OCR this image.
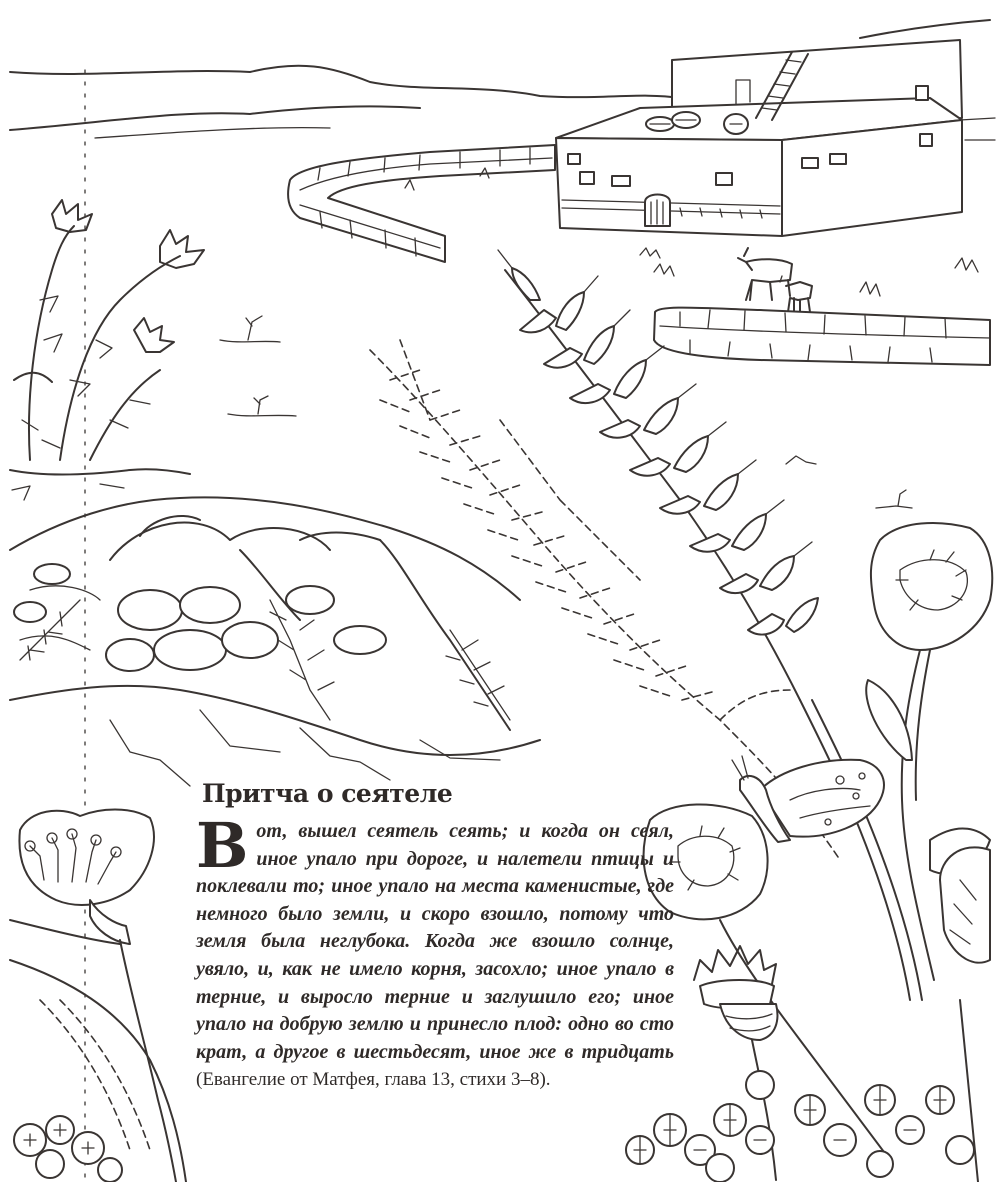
Притча о сеятеле

Вот, вышел сеятель сеять; и когда он сеял, иное упало при дороге, и налетели птицы и поклевали то; иное упало на места каменистые, где немного было земли, и скоро взошло, потому что земля была неглубока. Когда же взошло солнце, увяло, и, как не имело корня, засохло; иное упало в терние, и выросло терние и заглушило его; иное упало на добрую землю и принесло плод: одно во сто крат, а другое в шестьдесят, иное же в тридцать (Евангелие от Матфея, глава 13, стихи 3–8).
